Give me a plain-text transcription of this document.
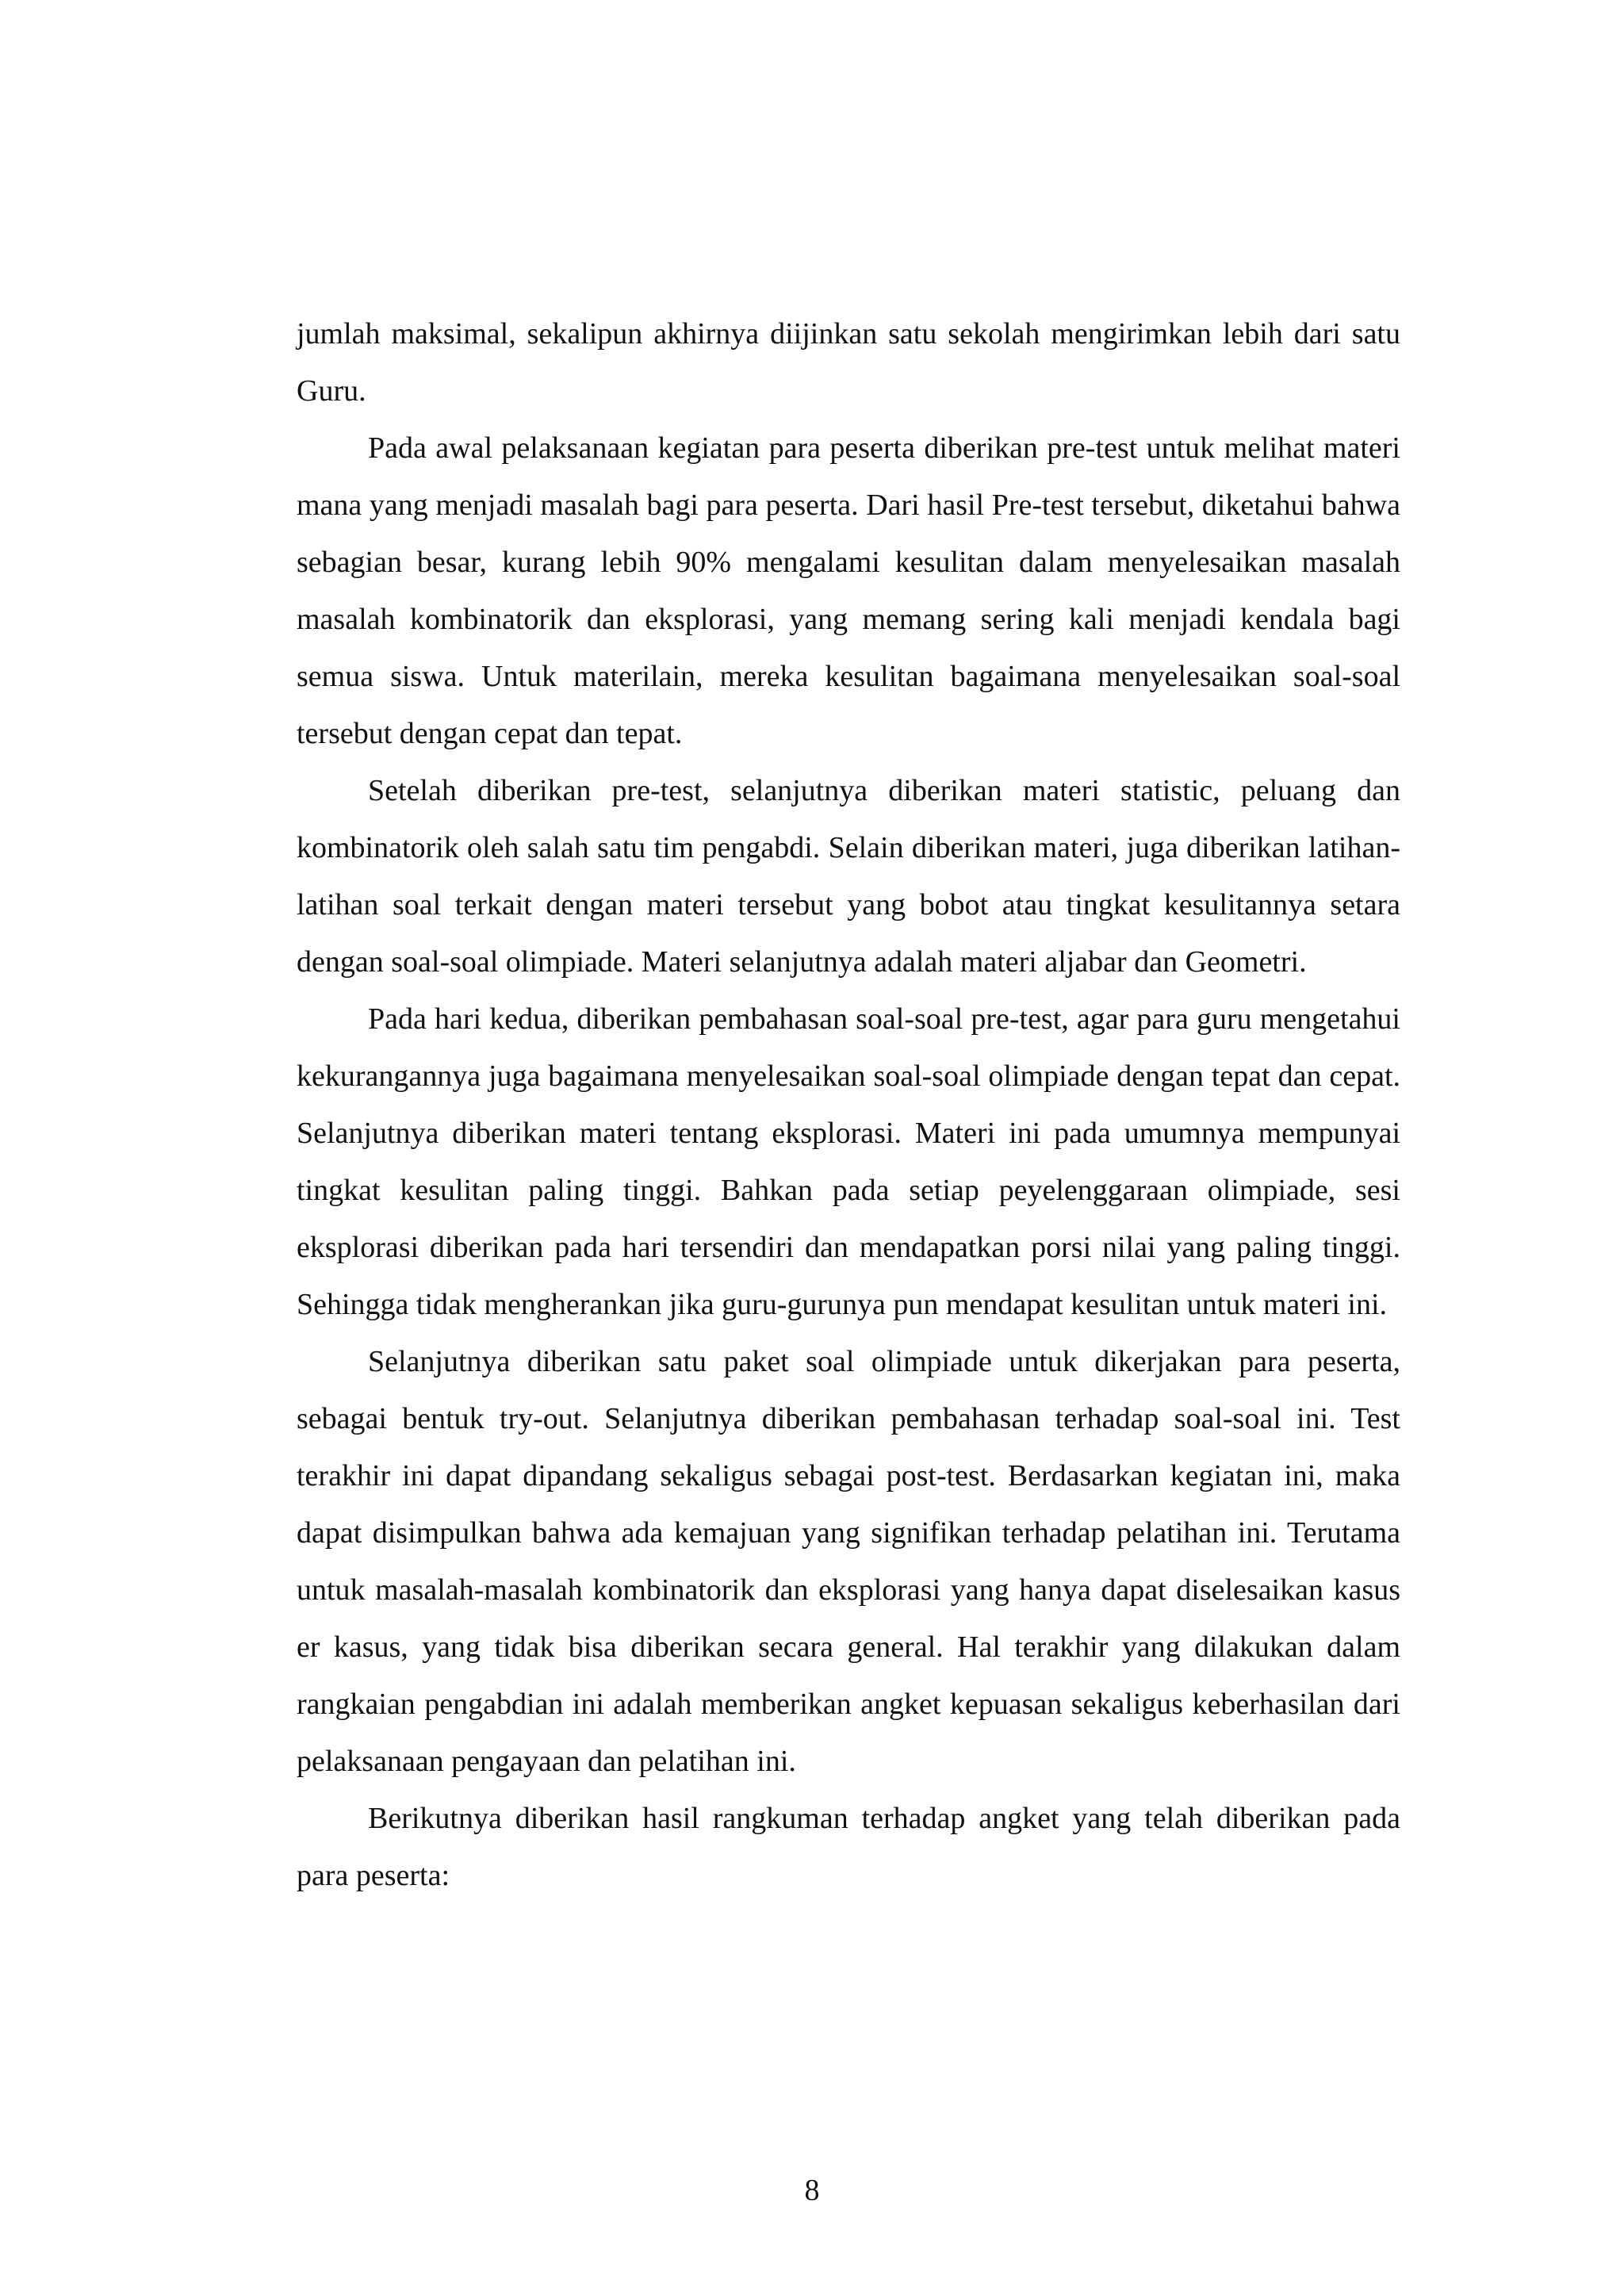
jumlah maksimal, sekalipun akhirnya diijinkan satu sekolah mengirimkan lebih dari satu Guru.

Pada awal pelaksanaan kegiatan para peserta diberikan pre-test untuk melihat materi mana yang menjadi masalah bagi para peserta. Dari hasil Pre-test tersebut, diketahui bahwa sebagian besar, kurang lebih 90% mengalami kesulitan dalam menyelesaikan masalah masalah kombinatorik dan eksplorasi, yang memang sering kali menjadi kendala bagi semua siswa. Untuk materilain, mereka kesulitan bagaimana menyelesaikan soal-soal tersebut dengan cepat dan tepat.

Setelah diberikan pre-test, selanjutnya diberikan materi statistic, peluang dan kombinatorik oleh salah satu tim pengabdi. Selain diberikan materi, juga diberikan latihan-latihan soal terkait dengan materi tersebut yang bobot atau tingkat kesulitannya setara dengan soal-soal olimpiade. Materi selanjutnya adalah materi aljabar dan Geometri.

Pada hari kedua, diberikan pembahasan soal-soal pre-test, agar para guru mengetahui kekurangannya juga bagaimana menyelesaikan soal-soal olimpiade dengan tepat dan cepat. Selanjutnya diberikan materi tentang eksplorasi. Materi ini pada umumnya mempunyai tingkat kesulitan paling tinggi. Bahkan pada setiap peyelenggaraan olimpiade, sesi eksplorasi diberikan pada hari tersendiri dan mendapatkan porsi nilai yang paling tinggi. Sehingga tidak mengherankan jika guru-gurunya pun mendapat kesulitan untuk materi ini.

Selanjutnya diberikan satu paket soal olimpiade untuk dikerjakan para peserta, sebagai bentuk try-out. Selanjutnya diberikan pembahasan terhadap soal-soal ini. Test terakhir ini dapat dipandang sekaligus sebagai post-test. Berdasarkan kegiatan ini, maka dapat disimpulkan bahwa ada kemajuan yang signifikan terhadap pelatihan ini. Terutama untuk masalah-masalah kombinatorik dan eksplorasi yang hanya dapat diselesaikan kasus er kasus, yang tidak bisa diberikan secara general. Hal terakhir yang dilakukan dalam rangkaian pengabdian ini adalah memberikan angket kepuasan sekaligus keberhasilan dari pelaksanaan pengayaan dan pelatihan ini.

Berikutnya diberikan hasil rangkuman terhadap angket yang telah diberikan pada para peserta:

8
